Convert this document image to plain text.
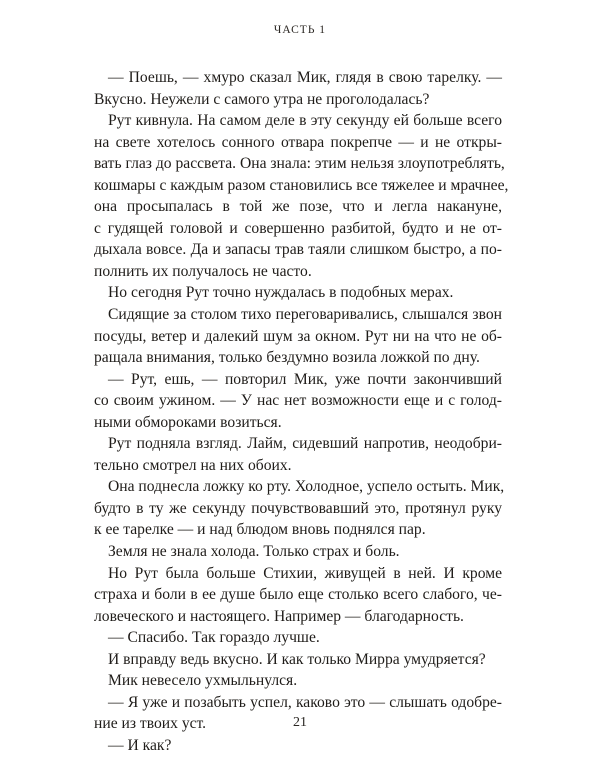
ЧАСТЬ 1

— Поешь, — хмуро сказал Мик, глядя в свою тарелку. —
Вкусно. Неужели с самого утра не проголодалась?

Рут кивнула. На самом деле в эту секунду ей больше всего
на свете хотелось сонного отвара покрепче — и не откры-
вать глаз до рассвета. Она знала: этим нельзя злоупотреблять,
кошмары с каждым разом становились все тяжелее и мрачнее,
она просыпалась в той же позе, что и легла накануне,
с гудящей головой и совершенно разбитой, будто и не от-
дыхала вовсе. Да и запасы трав таяли слишком быстро, а по-
полнить их получалось не часто.

Но сегодня Рут точно нуждалась в подобных мерах.

Сидящие за столом тихо переговаривались, слышался звон
посуды, ветер и далекий шум за окном. Рут ни на что не об-
ращала внимания, только бездумно возила ложкой по дну.

— Рут, ешь, — повторил Мик, уже почти закончивший
со своим ужином. — У нас нет возможности еще и с голод-
ными обмороками возиться.

Рут подняла взгляд. Лайм, сидевший напротив, неодобри-
тельно смотрел на них обоих.

Она поднесла ложку ко рту. Холодное, успело остыть. Мик,
будто в ту же секунду почувствовавший это, протянул руку
к ее тарелке — и над блюдом вновь поднялся пар.

Земля не знала холода. Только страх и боль.

Но Рут была больше Стихии, живущей в ней. И кроме
страха и боли в ее душе было еще столько всего слабого, че-
ловеческого и настоящего. Например — благодарность.

— Спасибо. Так гораздо лучше.

И вправду ведь вкусно. И как только Мирра умудряется?

Мик невесело ухмыльнулся.

— Я уже и позабыть успел, каково это — слышать одобре-
ние из твоих уст.

— И как?

21
